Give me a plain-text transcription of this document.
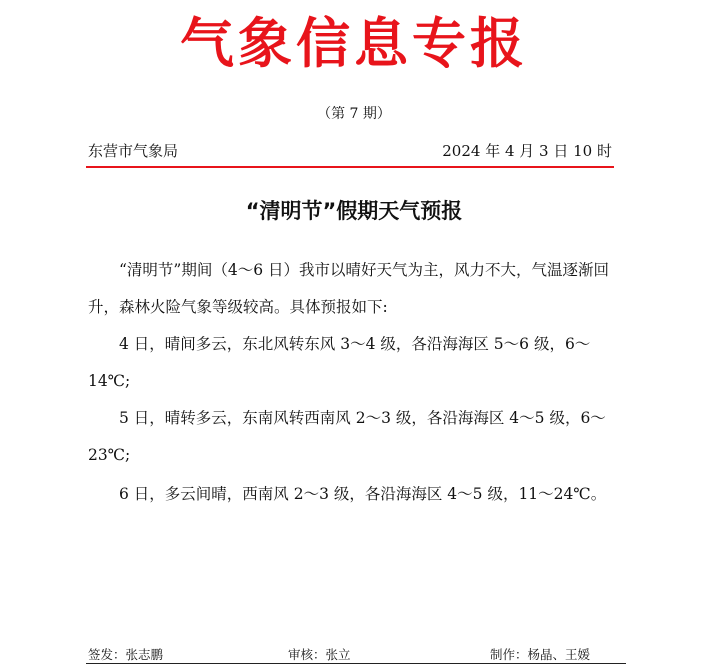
气象信息专报
（第 7 期）
东营市气象局	2024 年 4 月 3 日 10 时
“清明节”假期天气预报

“清明节”期间（4～6 日）我市以晴好天气为主，风力不大，气温逐渐回升，森林火险气象等级较高。具体预报如下:

4 日，晴间多云，东北风转东风 3～4 级，各沿海海区 5～6 级，6～14℃;

5 日，晴转多云，东南风转西南风 2～3 级，各沿海海区 4～5 级，6～23℃;

6 日，多云间晴，西南风 2～3 级，各沿海海区 4～5 级，11～24℃。

签发：张志鹏	审核：张立	制作：杨晶、王媛
